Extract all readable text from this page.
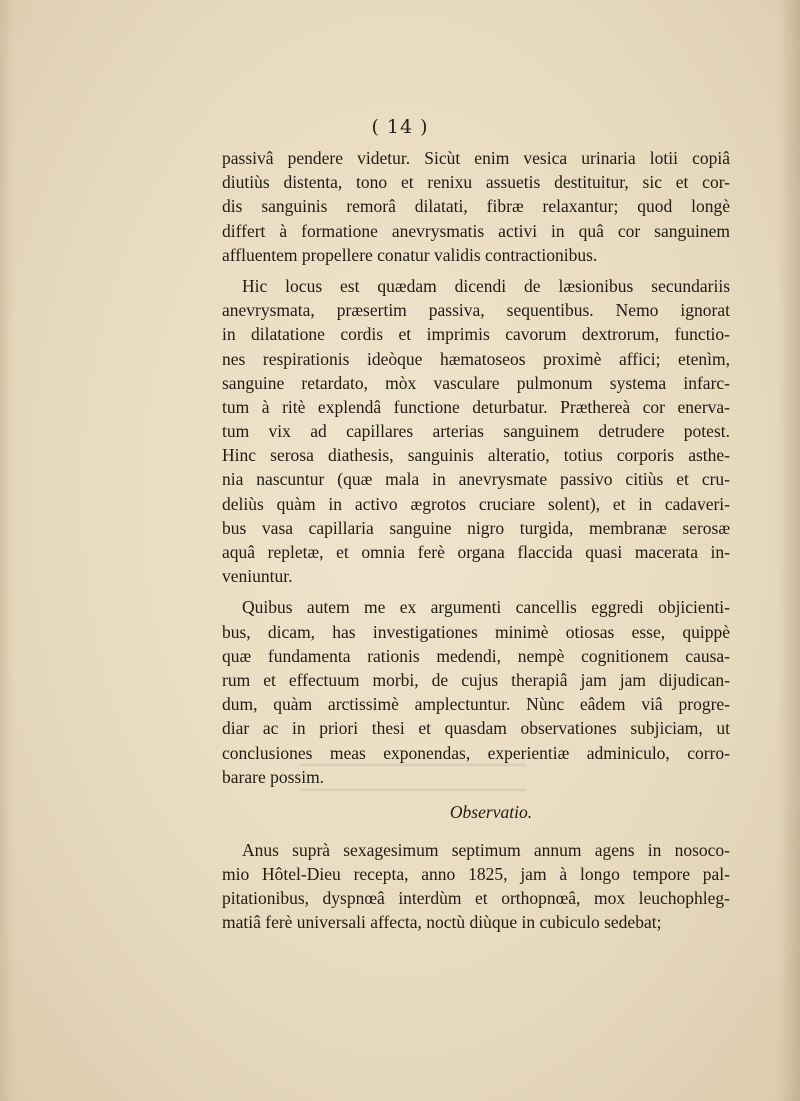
━━━━━━━━━━━━━━━━━━━━━━━━━
━━━━━━━━━━━━━━━━━━━━━━━━━
( 14 )
passivâ pendere videtur. Sicùt enim vesica urinaria lotii copiâ
diutiùs distenta, tono et renixu assuetis destituitur, sic et cor-
dis sanguinis remorâ dilatati, fibræ relaxantur; quod longè
differt à formatione anevrysmatis activi in quâ cor sanguinem
affluentem propellere conatur validis contractionibus.
Hic locus est quædam dicendi de læsionibus secundariis
anevrysmata, præsertim passiva, sequentibus. Nemo ignorat
in dilatatione cordis et imprimis cavorum dextrorum, functio-
nes respirationis ideòque hæmatoseos proximè affici; etenìm,
sanguine retardato, mòx vasculare pulmonum systema infarc-
tum à ritè explendâ functione deturbatur. Præthereà cor enerva-
tum vix ad capillares arterias sanguinem detrudere potest.
Hinc serosa diathesis, sanguinis alteratio, totius corporis asthe-
nia nascuntur (quæ mala in anevrysmate passivo citiùs et cru-
deliùs quàm in activo ægrotos cruciare solent), et in cadaveri-
bus vasa capillaria sanguine nigro turgida, membranæ serosæ
aquâ repletæ, et omnia ferè organa flaccida quasi macerata in-
veniuntur.
Quibus autem me ex argumenti cancellis eggredi objicienti-
bus, dicam, has investigationes minimè otiosas esse, quippè
quæ fundamenta rationis medendi, nempè cognitionem causa-
rum et effectuum morbi, de cujus therapiâ jam jam dijudican-
dum, quàm arctissimè amplectuntur. Nùnc eâdem viâ progre-
diar ac in priori thesi et quasdam observationes subjiciam, ut
conclusiones meas exponendas, experientiæ adminiculo, corro-
barare possim.
Observatio.
Anus suprà sexagesimum septimum annum agens in nosoco-
mio Hôtel-Dieu recepta, anno 1825, jam à longo tempore pal-
pitationibus, dyspnœâ interdùm et orthopnœâ, mox leuchophleg-
matiâ ferè universali affecta, noctù diùque in cubiculo sedebat;
